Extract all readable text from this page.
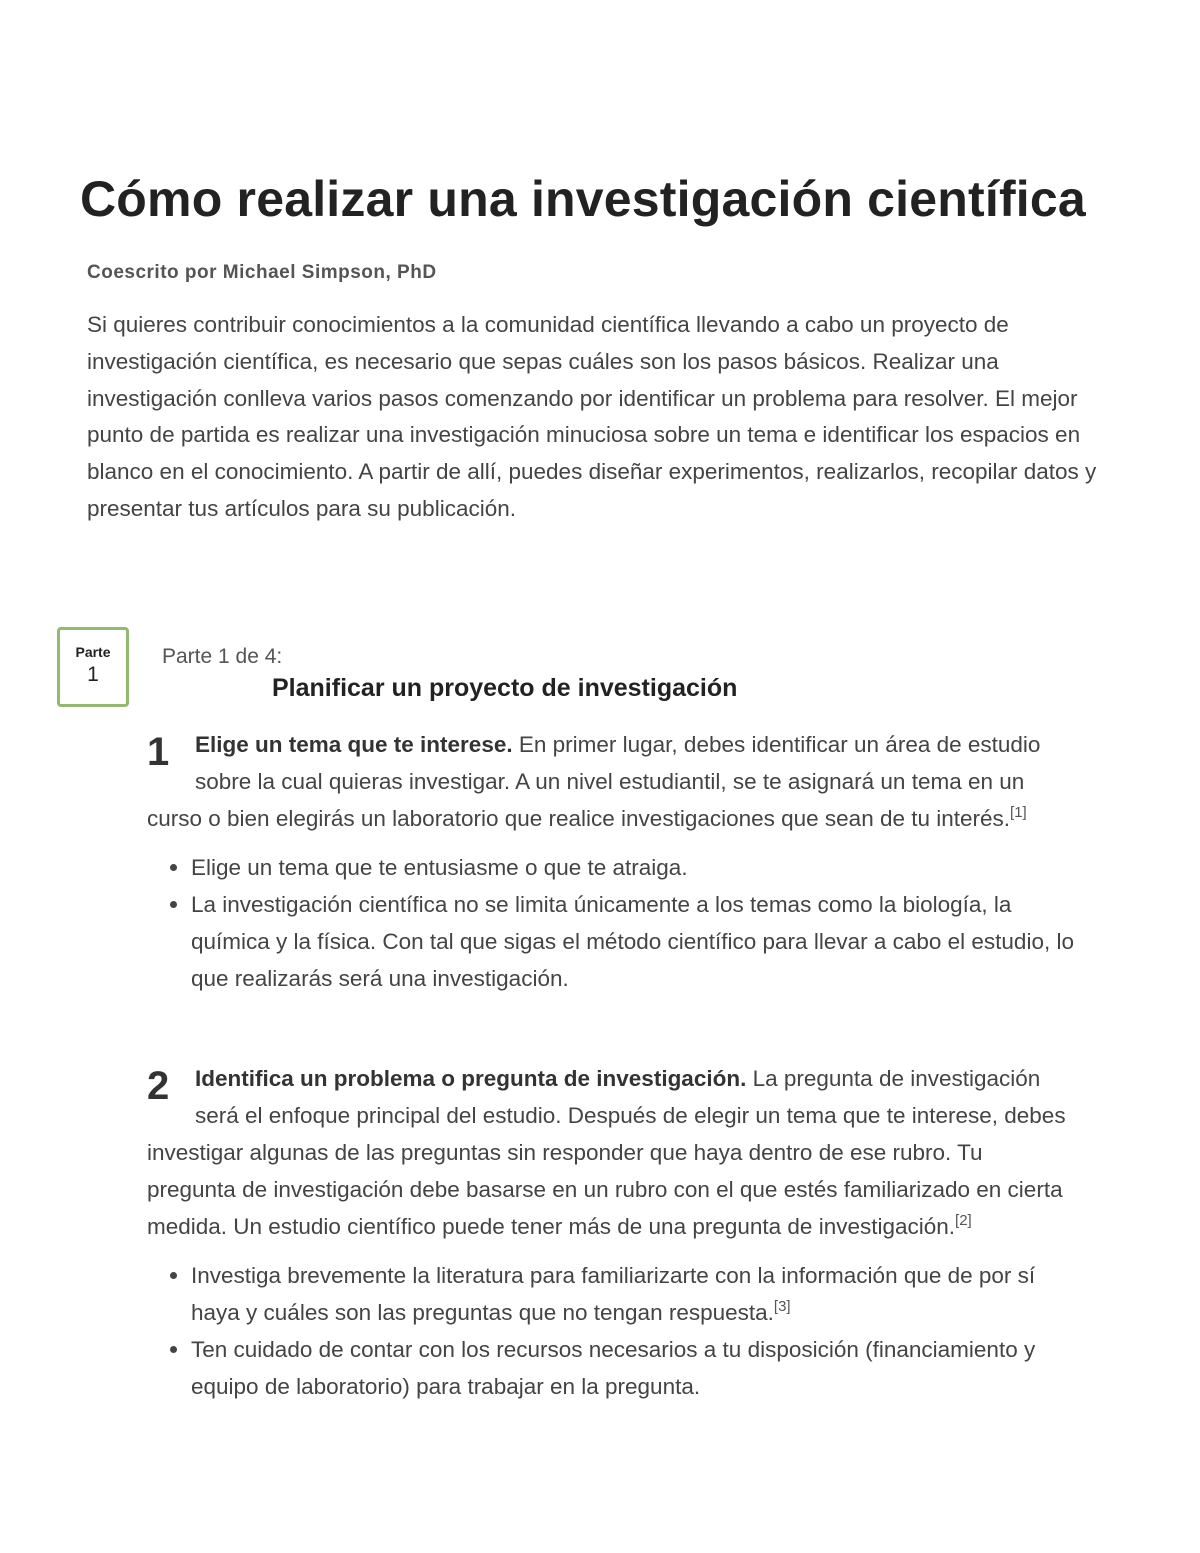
Cómo realizar una investigación científica
Coescrito por Michael Simpson, PhD

Si quieres contribuir conocimientos a la comunidad científica llevando a cabo un proyecto de investigación científica, es necesario que sepas cuáles son los pasos básicos. Realizar una investigación conlleva varios pasos comenzando por identificar un problema para resolver. El mejor punto de partida es realizar una investigación minuciosa sobre un tema e identificar los espacios en blanco en el conocimiento. A partir de allí, puedes diseñar experimentos, realizarlos, recopilar datos y presentar tus artículos para su publicación.

Parte
1
Parte 1 de 4:
Planificar un proyecto de investigación
1	Elige un tema que te interese. En primer lugar, debes identificar un área de estudio sobre la cual quieras investigar. A un nivel estudiantil, se te asignará un tema en un curso o bien elegirás un laboratorio que realice investigaciones que sean de tu interés.[1]

Elige un tema que te entusiasme o que te atraiga.
La investigación científica no se limita únicamente a los temas como la biología, la química y la física. Con tal que sigas el método científico para llevar a cabo el estudio, lo que realizarás será una investigación.
2	Identifica un problema o pregunta de investigación. La pregunta de investigación será el enfoque principal del estudio. Después de elegir un tema que te interese, debes investigar algunas de las preguntas sin responder que haya dentro de ese rubro. Tu pregunta de investigación debe basarse en un rubro con el que estés familiarizado en cierta medida. Un estudio científico puede tener más de una pregunta de investigación.[2]

Investiga brevemente la literatura para familiarizarte con la información que de por sí haya y cuáles son las preguntas que no tengan respuesta.[3]
Ten cuidado de contar con los recursos necesarios a tu disposición (financiamiento y equipo de laboratorio) para trabajar en la pregunta.
